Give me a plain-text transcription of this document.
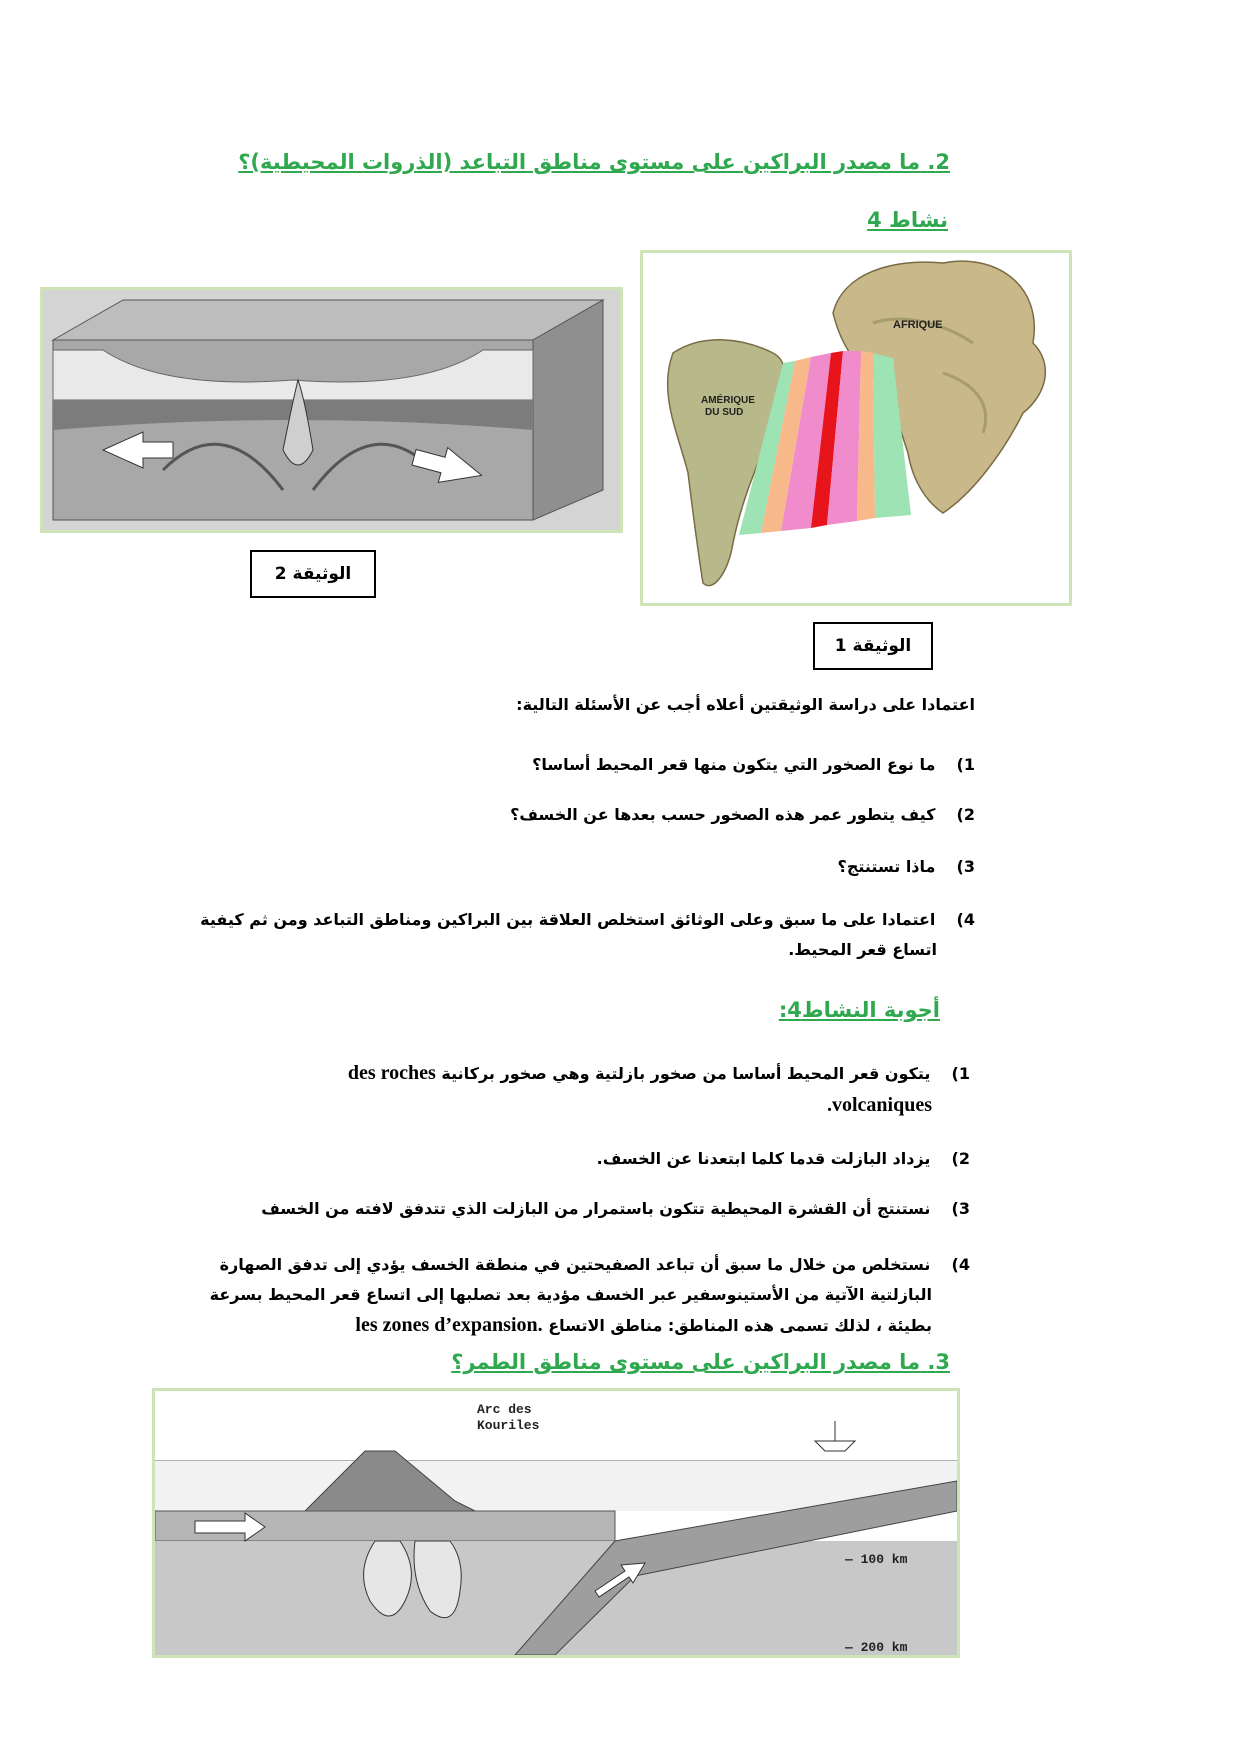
2. ما مصدر البراكين على مستوى مناطق التباعد (الذروات المحيطية)؟
نشاط 4
AFRIQUE
AMÉRIQUE
DU SUD
الوثيقة 1
الوثيقة 2
اعتمادا على دراسة الوثيقتين أعلاه أجب عن الأسئلة التالية:
1) ما نوع الصخور التي يتكون منها قعر المحيط أساسا؟
2) كيف يتطور عمر هذه الصخور حسب بعدها عن الخسف؟
3) ماذا تستنتج؟
4) اعتمادا على ما سبق وعلى الوثائق استخلص العلاقة بين البراكين ومناطق التباعد ومن ثم كيفية
اتساع قعر المحيط.
أجوبة النشاط4:
1) يتكون قعر المحيط أساسا من صخور بازلتية وهي صخور بركانية des roches
.volcaniques
2) يزداد البازلت قدما كلما ابتعدنا عن الخسف.
3) نستنتج أن القشرة المحيطية تتكون باستمرار من البازلت الذي تتدفق لافته من الخسف
4) نستخلص من خلال ما سبق أن تباعد الصفيحتين في منطقة الخسف يؤدي إلى تدفق الصهارة
البازلتية الآتية من الأستينوسفير عبر الخسف مؤدية بعد تصلبها إلى اتساع قعر المحيط بسرعة
بطيئة ، لذلك تسمى هذه المناطق: مناطق الاتساع les zones d’expansion.
3. ما مصدر البراكين على مستوى مناطق الطمر؟
Arc des
Kouriles
— 100 km
— 200 km
